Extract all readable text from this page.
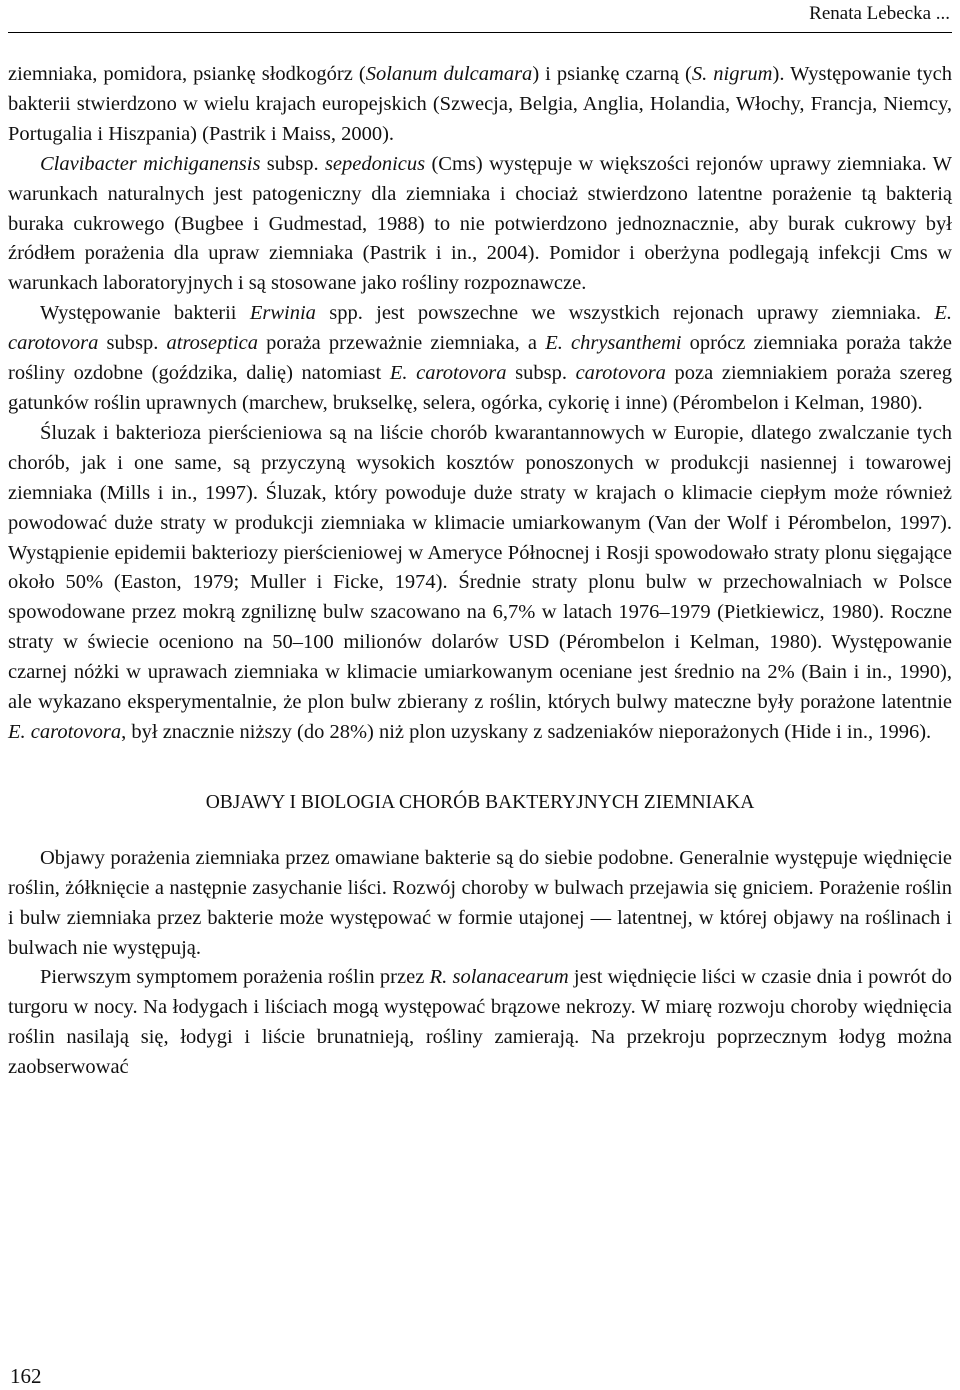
Renata Lebecka ...

ziemniaka, pomidora, psiankę słodkogórz (Solanum dulcamara) i psiankę czarną (S. nigrum). Występowanie tych bakterii stwierdzono w wielu krajach europejskich (Szwecja, Belgia, Anglia, Holandia, Włochy, Francja, Niemcy, Portugalia i Hiszpania) (Pastrik i Maiss, 2000).

Clavibacter michiganensis subsp. sepedonicus (Cms) występuje w większości rejonów uprawy ziemniaka. W warunkach naturalnych jest patogeniczny dla ziemniaka i chociaż stwierdzono latentne porażenie tą bakterią buraka cukrowego (Bugbee i Gudmestad, 1988) to nie potwierdzono jednoznacznie, aby burak cukrowy był źródłem porażenia dla upraw ziemniaka (Pastrik i in., 2004). Pomidor i oberżyna podlegają infekcji Cms w warunkach laboratoryjnych i są stosowane jako rośliny rozpoznawcze.

Występowanie bakterii Erwinia spp. jest powszechne we wszystkich rejonach uprawy ziemniaka. E. carotovora subsp. atroseptica poraża przeważnie ziemniaka, a E. chrysanthemi oprócz ziemniaka poraża także rośliny ozdobne (goździka, dalię) natomiast E. carotovora subsp. carotovora poza ziemniakiem poraża szereg gatunków roślin uprawnych (marchew, brukselkę, selera, ogórka, cykorię i inne) (Pérombelon i Kelman, 1980).

Śluzak i bakterioza pierścieniowa są na liście chorób kwarantannowych w Europie, dlatego zwalczanie tych chorób, jak i one same, są przyczyną wysokich kosztów ponoszonych w produkcji nasiennej i towarowej ziemniaka (Mills i in., 1997). Śluzak, który powoduje duże straty w krajach o klimacie ciepłym może również powodować duże straty w produkcji ziemniaka w klimacie umiarkowanym (Van der Wolf i Pérombelon, 1997). Wystąpienie epidemii bakteriozy pierścieniowej w Ameryce Północnej i Rosji spowodowało straty plonu sięgające około 50% (Easton, 1979; Muller i Ficke, 1974). Średnie straty plonu bulw w przechowalniach w Polsce spowodowane przez mokrą zgniliznę bulw szacowano na 6,7% w latach 1976–1979 (Pietkiewicz, 1980). Roczne straty w świecie oceniono na 50–100 milionów dolarów USD (Pérombelon i Kelman, 1980). Występowanie czarnej nóżki w uprawach ziemniaka w klimacie umiarkowanym oceniane jest średnio na 2% (Bain i in., 1990), ale wykazano eksperymentalnie, że plon bulw zbierany z roślin, których bulwy mateczne były porażone latentnie E. carotovora, był znacznie niższy (do 28%) niż plon uzyskany z sadzeniaków nieporażonych (Hide i in., 1996).

OBJAWY I BIOLOGIA CHORÓB BAKTERYJNYCH ZIEMNIAKA

Objawy porażenia ziemniaka przez omawiane bakterie są do siebie podobne. Generalnie występuje więdnięcie roślin, żółknięcie a następnie zasychanie liści. Rozwój choroby w bulwach przejawia się gniciem. Porażenie roślin i bulw ziemniaka przez bakterie może występować w formie utajonej — latentnej, w której objawy na roślinach i bulwach nie występują.

Pierwszym symptomem porażenia roślin przez R. solanacearum jest więdnięcie liści w czasie dnia i powrót do turgoru w nocy. Na łodygach i liściach mogą występować brązowe nekrozy. W miarę rozwoju choroby więdnięcia roślin nasilają się, łodygi i liście brunatnieją, rośliny zamierają. Na przekroju poprzecznym łodyg można zaobserwować

162
